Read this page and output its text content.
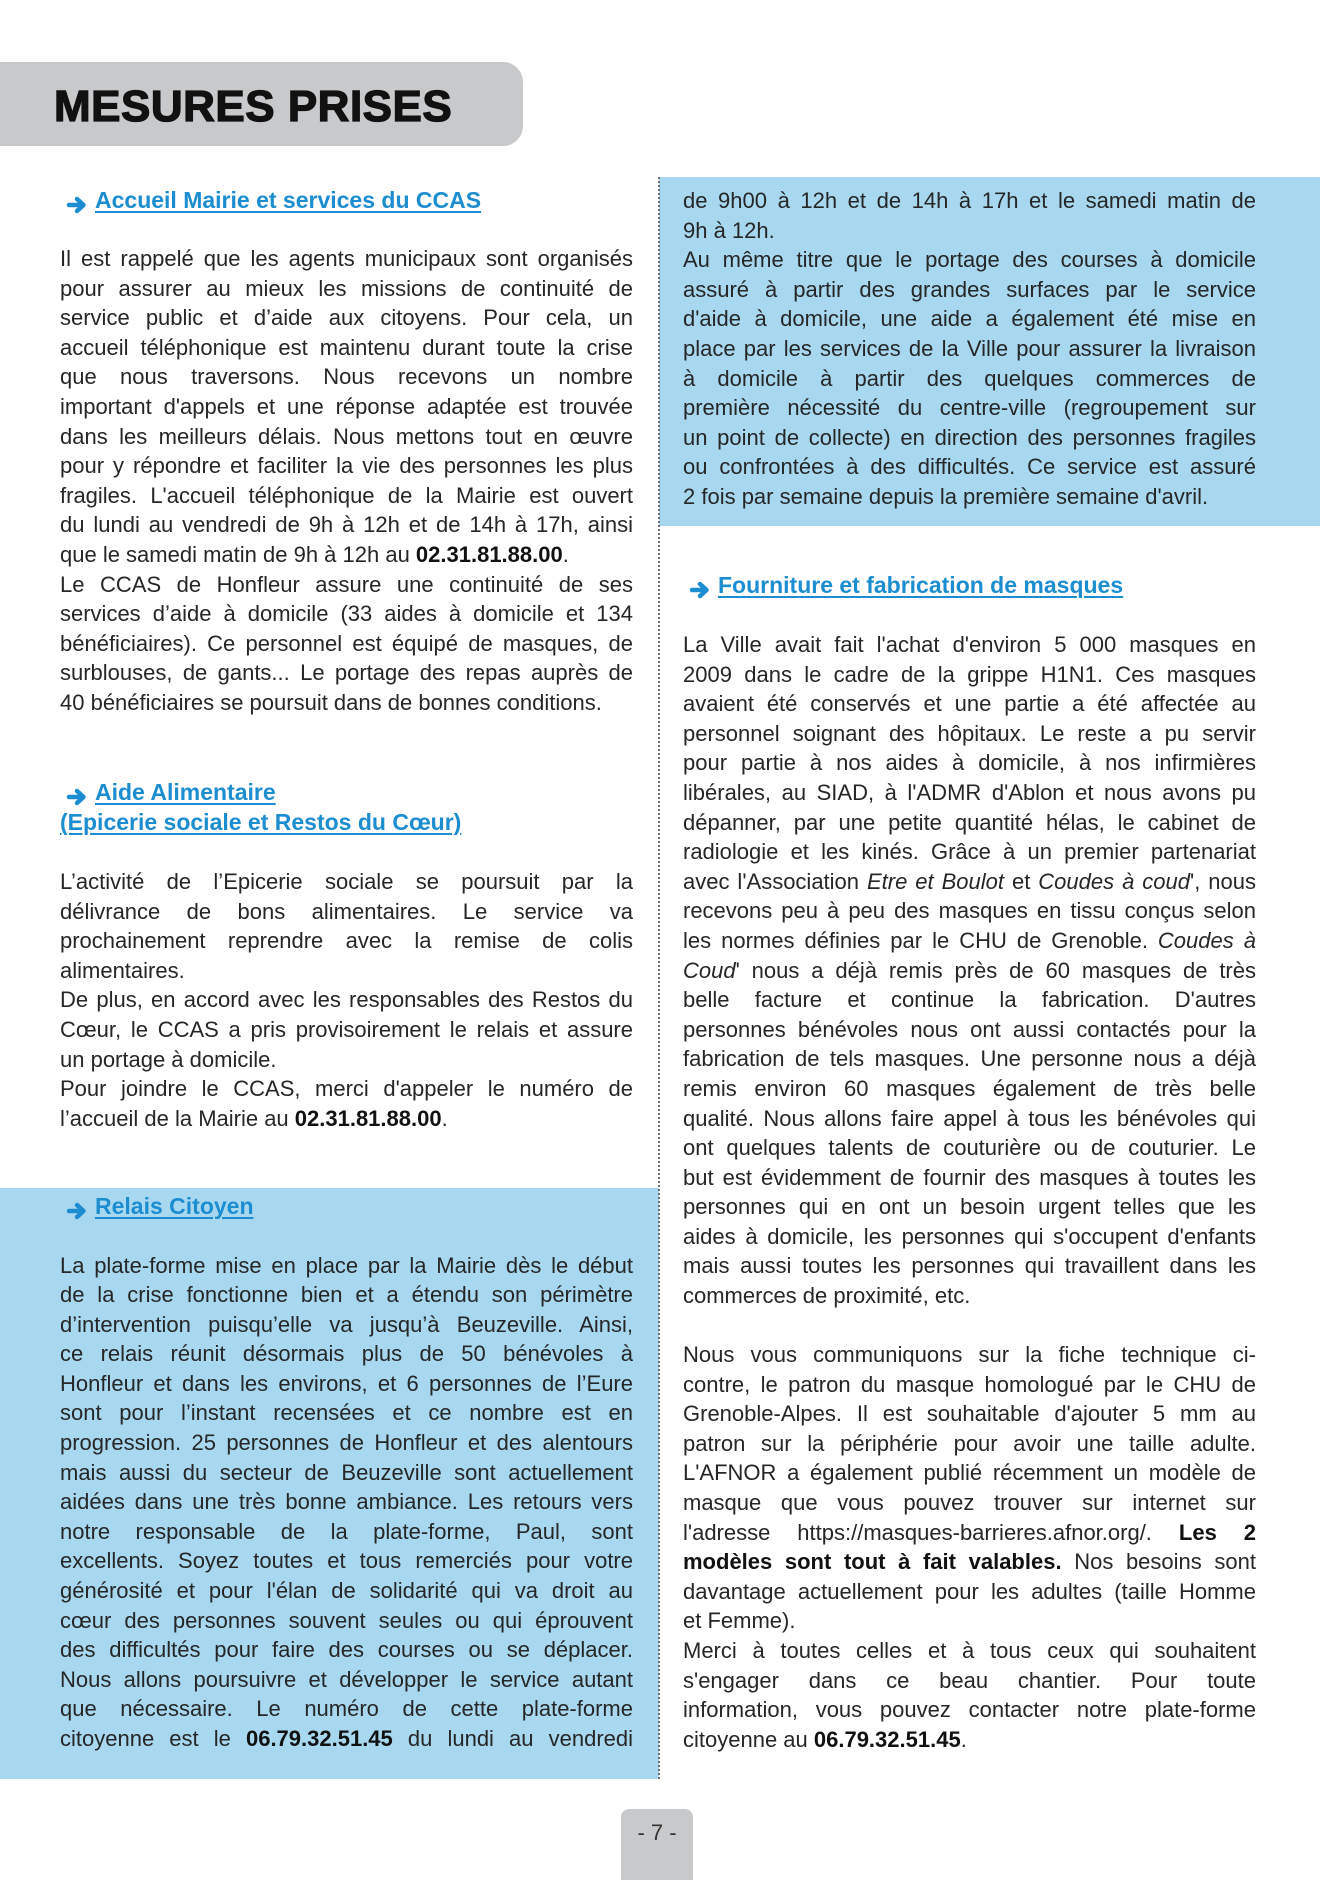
MESURES PRISES
Accueil Mairie et services du CCAS
Il est rappelé que les agents municipaux sont organisés
pour assurer au mieux les missions de continuité de
service public et d’aide aux citoyens. Pour cela, un
accueil téléphonique est maintenu durant toute la crise
que nous traversons. Nous recevons un nombre
important d'appels et une réponse adaptée est trouvée
dans les meilleurs délais. Nous mettons tout en œuvre
pour y répondre et faciliter la vie des personnes les plus
fragiles. L'accueil téléphonique de la Mairie est ouvert
du lundi au vendredi de 9h à 12h et de 14h à 17h, ainsi
que le samedi matin de 9h à 12h au 02.31.81.88.00.
Le CCAS de Honfleur assure une continuité de ses
services d’aide à domicile (33 aides à domicile et 134
bénéficiaires). Ce personnel est équipé de masques, de
surblouses, de gants... Le portage des repas auprès de
40 bénéficiaires se poursuit dans de bonnes conditions.
Aide Alimentaire
(Epicerie sociale et Restos du Cœur)
L’activité de l’Epicerie sociale se poursuit par la
délivrance de bons alimentaires. Le service va
prochainement reprendre avec la remise de colis
alimentaires.
De plus, en accord avec les responsables des Restos du
Cœur, le CCAS a pris provisoirement le relais et assure
un portage à domicile.
Pour joindre le CCAS, merci d'appeler le numéro de
l’accueil de la Mairie au 02.31.81.88.00.
Relais Citoyen
La plate-forme mise en place par la Mairie dès le début
de la crise fonctionne bien et a étendu son périmètre
d’intervention puisqu’elle va jusqu’à Beuzeville. Ainsi,
ce relais réunit désormais plus de 50 bénévoles à
Honfleur et dans les environs, et 6 personnes de l’Eure
sont pour l’instant recensées et ce nombre est en
progression. 25 personnes de Honfleur et des alentours
mais aussi du secteur de Beuzeville sont actuellement
aidées dans une très bonne ambiance. Les retours vers
notre responsable de la plate-forme, Paul, sont
excellents. Soyez toutes et tous remerciés pour votre
générosité et pour l'élan de solidarité qui va droit au
cœur des personnes souvent seules ou qui éprouvent
des difficultés pour faire des courses ou se déplacer.
Nous allons poursuivre et développer le service autant
que nécessaire. Le numéro de cette plate-forme
citoyenne est le 06.79.32.51.45 du lundi au vendredi
de 9h00 à 12h et de 14h à 17h et le samedi matin de
9h à 12h.
Au même titre que le portage des courses à domicile
assuré à partir des grandes surfaces par le service
d'aide à domicile, une aide a également été mise en
place par les services de la Ville pour assurer la livraison
à domicile à partir des quelques commerces de
première nécessité du centre-ville (regroupement sur
un point de collecte) en direction des personnes fragiles
ou confrontées à des difficultés. Ce service est assuré
2 fois par semaine depuis la première semaine d'avril.
Fourniture et fabrication de masques
La Ville avait fait l'achat d'environ 5 000 masques en
2009 dans le cadre de la grippe H1N1. Ces masques
avaient été conservés et une partie a été affectée au
personnel soignant des hôpitaux. Le reste a pu servir
pour partie à nos aides à domicile, à nos infirmières
libérales, au SIAD, à l'ADMR d'Ablon et nous avons pu
dépanner, par une petite quantité hélas, le cabinet de
radiologie et les kinés. Grâce à un premier partenariat
avec l'Association Etre et Boulot et Coudes à coud', nous
recevons peu à peu des masques en tissu conçus selon
les normes définies par le CHU de Grenoble. Coudes à
Coud' nous a déjà remis près de 60 masques de très
belle facture et continue la fabrication. D'autres
personnes bénévoles nous ont aussi contactés pour la
fabrication de tels masques. Une personne nous a déjà
remis environ 60 masques également de très belle
qualité. Nous allons faire appel à tous les bénévoles qui
ont quelques talents de couturière ou de couturier. Le
but est évidemment de fournir des masques à toutes les
personnes qui en ont un besoin urgent telles que les
aides à domicile, les personnes qui s'occupent d'enfants
mais aussi toutes les personnes qui travaillent dans les
commerces de proximité, etc.
Nous vous communiquons sur la fiche technique ci-
contre, le patron du masque homologué par le CHU de
Grenoble-Alpes. Il est souhaitable d'ajouter 5 mm au
patron sur la périphérie pour avoir une taille adulte.
L'AFNOR a également publié récemment un modèle de
masque que vous pouvez trouver sur internet sur
l'adresse https://masques-barrieres.afnor.org/. Les 2
modèles sont tout à fait valables. Nos besoins sont
davantage actuellement pour les adultes (taille Homme
et Femme).
Merci à toutes celles et à tous ceux qui souhaitent
s'engager dans ce beau chantier. Pour toute
information, vous pouvez contacter notre plate-forme
citoyenne au 06.79.32.51.45.
- 7 -
